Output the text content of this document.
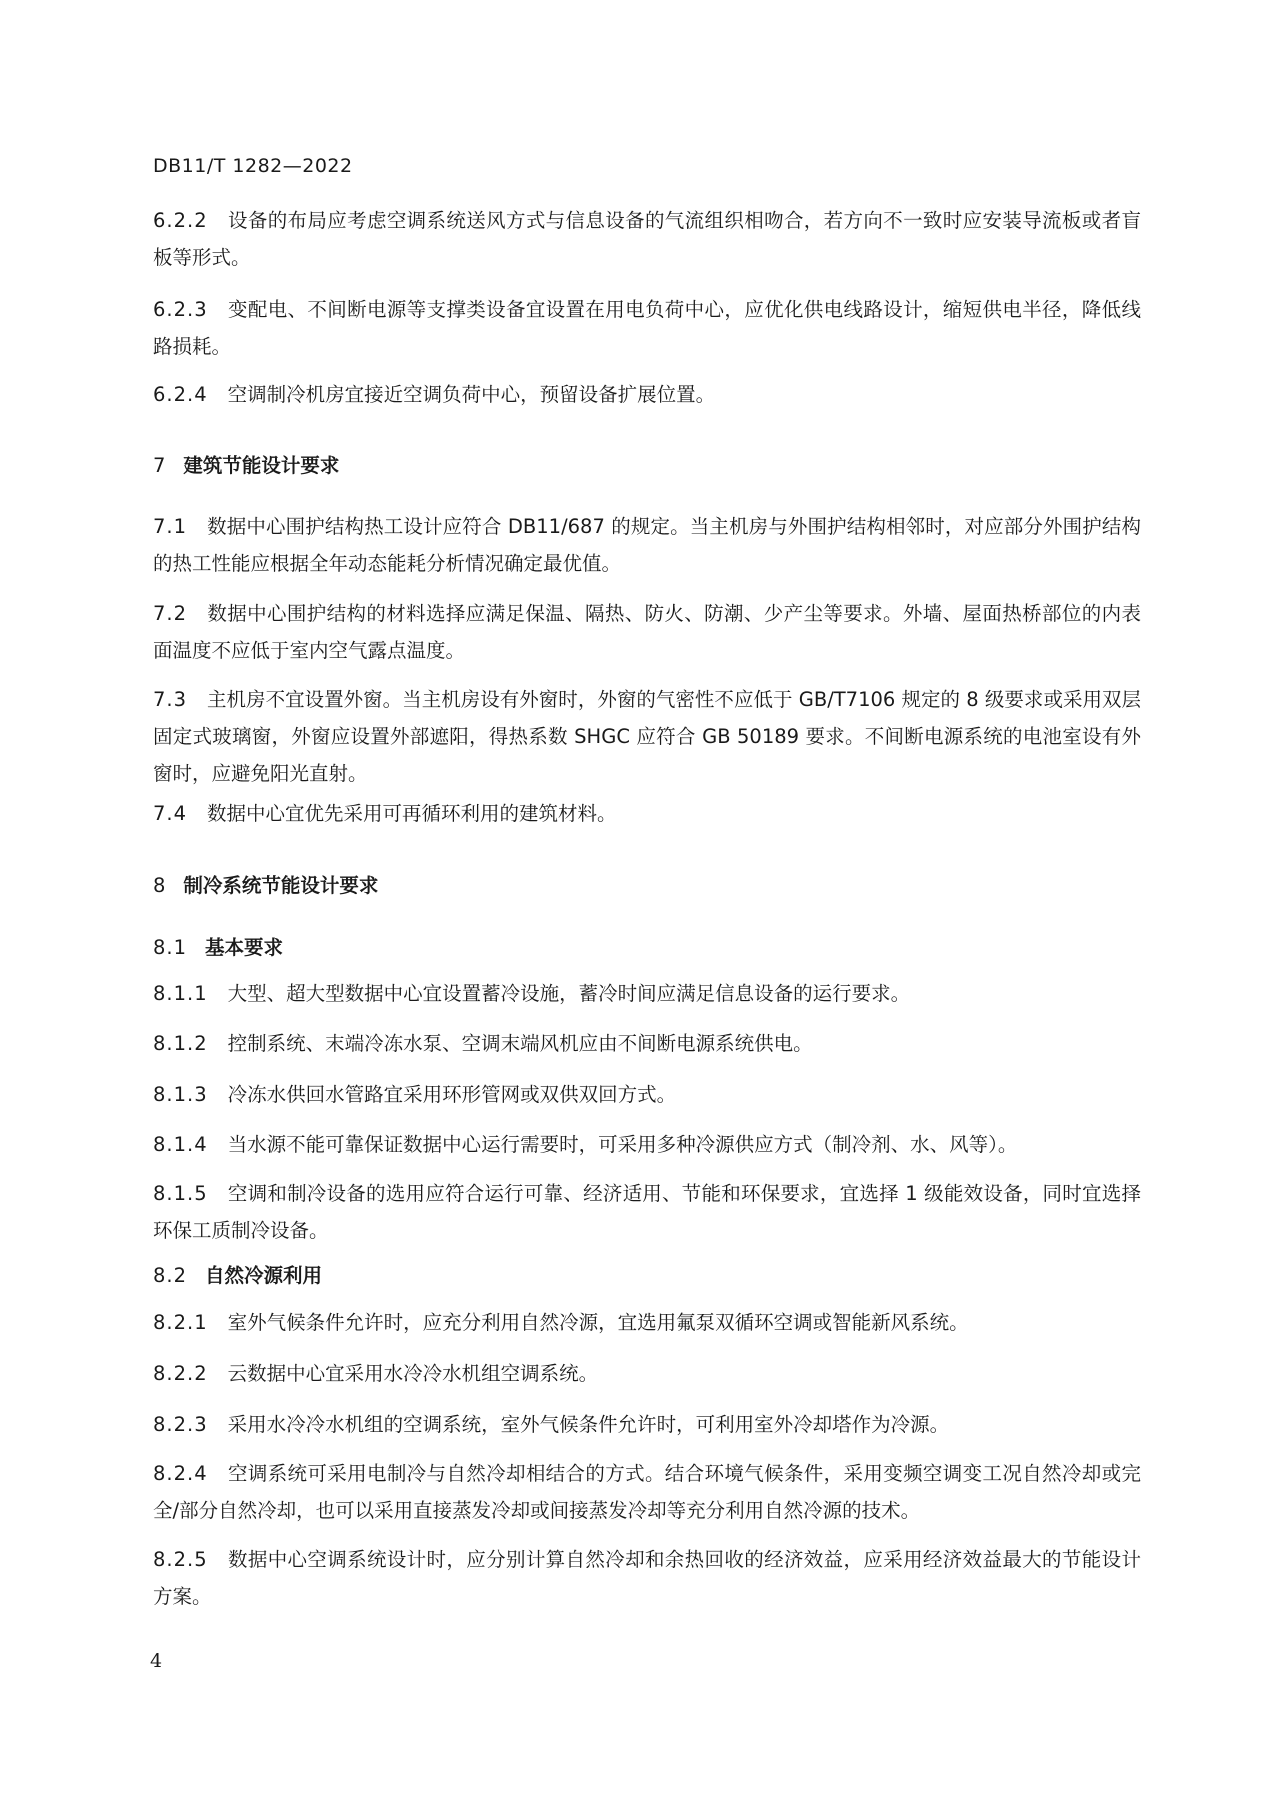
DB11/T 1282—2022
6.2.2 设备的布局应考虑空调系统送风方式与信息设备的气流组织相吻合，若方向不一致时应安装导流板或者盲板等形式。
6.2.3 变配电、不间断电源等支撑类设备宜设置在用电负荷中心，应优化供电线路设计，缩短供电半径，降低线路损耗。
6.2.4 空调制冷机房宜接近空调负荷中心，预留设备扩展位置。
7 建筑节能设计要求
7.1 数据中心围护结构热工设计应符合 DB11/687 的规定。当主机房与外围护结构相邻时，对应部分外围护结构的热工性能应根据全年动态能耗分析情况确定最优值。
7.2 数据中心围护结构的材料选择应满足保温、隔热、防火、防潮、少产尘等要求。外墙、屋面热桥部位的内表面温度不应低于室内空气露点温度。
7.3 主机房不宜设置外窗。当主机房设有外窗时，外窗的气密性不应低于 GB/T7106 规定的 8 级要求或采用双层固定式玻璃窗，外窗应设置外部遮阳，得热系数 SHGC 应符合 GB 50189 要求。不间断电源系统的电池室设有外窗时，应避免阳光直射。
7.4 数据中心宜优先采用可再循环利用的建筑材料。
8 制冷系统节能设计要求
8.1 基本要求
8.1.1 大型、超大型数据中心宜设置蓄冷设施，蓄冷时间应满足信息设备的运行要求。
8.1.2 控制系统、末端冷冻水泵、空调末端风机应由不间断电源系统供电。
8.1.3 冷冻水供回水管路宜采用环形管网或双供双回方式。
8.1.4 当水源不能可靠保证数据中心运行需要时，可采用多种冷源供应方式（制冷剂、水、风等）。
8.1.5 空调和制冷设备的选用应符合运行可靠、经济适用、节能和环保要求，宜选择 1 级能效设备，同时宜选择环保工质制冷设备。
8.2 自然冷源利用
8.2.1 室外气候条件允许时，应充分利用自然冷源，宜选用氟泵双循环空调或智能新风系统。
8.2.2 云数据中心宜采用水冷冷水机组空调系统。
8.2.3 采用水冷冷水机组的空调系统，室外气候条件允许时，可利用室外冷却塔作为冷源。
8.2.4 空调系统可采用电制冷与自然冷却相结合的方式。结合环境气候条件，采用变频空调变工况自然冷却或完全/部分自然冷却，也可以采用直接蒸发冷却或间接蒸发冷却等充分利用自然冷源的技术。
8.2.5 数据中心空调系统设计时，应分别计算自然冷却和余热回收的经济效益，应采用经济效益最大的节能设计方案。
4
